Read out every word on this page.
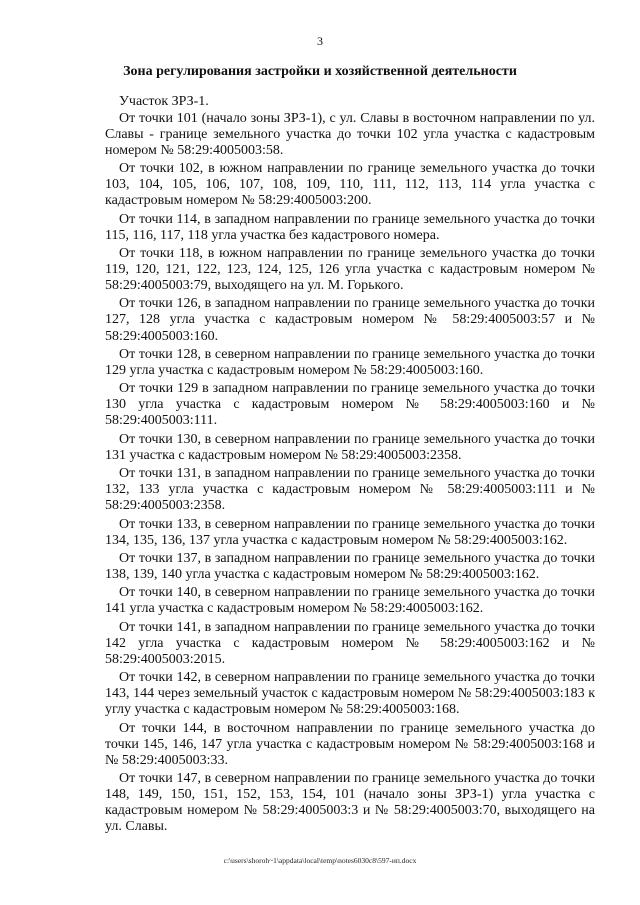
3
Зона регулирования застройки и хозяйственной деятельности

Участок ЗРЗ-1.

От точки 101 (начало зоны ЗРЗ-1), с ул. Славы в восточном направлении по ул. Славы - границе земельного участка до точки 102 угла участка с кадастровым номером № 58:29:4005003:58.

От точки 102, в южном направлении по границе земельного участка до точки 103, 104, 105, 106, 107, 108, 109, 110, 111, 112, 113, 114 угла участка с кадастровым номером № 58:29:4005003:200.

От точки 114, в западном направлении по границе земельного участка до точки 115, 116, 117, 118 угла участка без кадастрового номера.

От точки 118, в южном направлении по границе земельного участка до точки 119, 120, 121, 122, 123, 124, 125, 126 угла участка с кадастровым номером № 58:29:4005003:79, выходящего на ул. М. Горького.

От точки 126, в западном направлении по границе земельного участка до точки 127, 128 угла участка с кадастровым номером № 58:29:4005003:57 и № 58:29:4005003:160.

От точки 128, в северном направлении по границе земельного участка до точки 129 угла участка с кадастровым номером № 58:29:4005003:160.

От точки 129 в западном направлении по границе земельного участка до точки 130 угла участка с кадастровым номером № 58:29:4005003:160 и № 58:29:4005003:111.

От точки 130, в северном направлении по границе земельного участка до точки 131 участка с кадастровым номером № 58:29:4005003:2358.

От точки 131, в западном направлении по границе земельного участка до точки 132, 133 угла участка с кадастровым номером № 58:29:4005003:111 и № 58:29:4005003:2358.

От точки 133, в северном направлении по границе земельного участка до точки 134, 135, 136, 137 угла участка с кадастровым номером № 58:29:4005003:162.

От точки 137, в западном направлении по границе земельного участка до точки 138, 139, 140 угла участка с кадастровым номером № 58:29:4005003:162.

От точки 140, в северном направлении по границе земельного участка до точки 141 угла участка с кадастровым номером № 58:29:4005003:162.

От точки 141, в западном направлении по границе земельного участка до точки 142 угла участка с кадастровым номером № 58:29:4005003:162 и № 58:29:4005003:2015.

От точки 142, в северном направлении по границе земельного участка до точки 143, 144 через земельный участок с кадастровым номером № 58:29:4005003:183 к углу участка с кадастровым номером № 58:29:4005003:168.

От точки 144, в восточном направлении по границе земельного участка до точки 145, 146, 147 угла участка с кадастровым номером № 58:29:4005003:168 и № 58:29:4005003:33.

От точки 147, в северном направлении по границе земельного участка до точки 148, 149, 150, 151, 152, 153, 154, 101 (начало зоны ЗРЗ-1) угла участка с кадастровым номером № 58:29:4005003:3 и № 58:29:4005003:70, выходящего на ул. Славы.

c:\users\shoroh~1\appdata\local\temp\notes6030c8\597-ип.docx
